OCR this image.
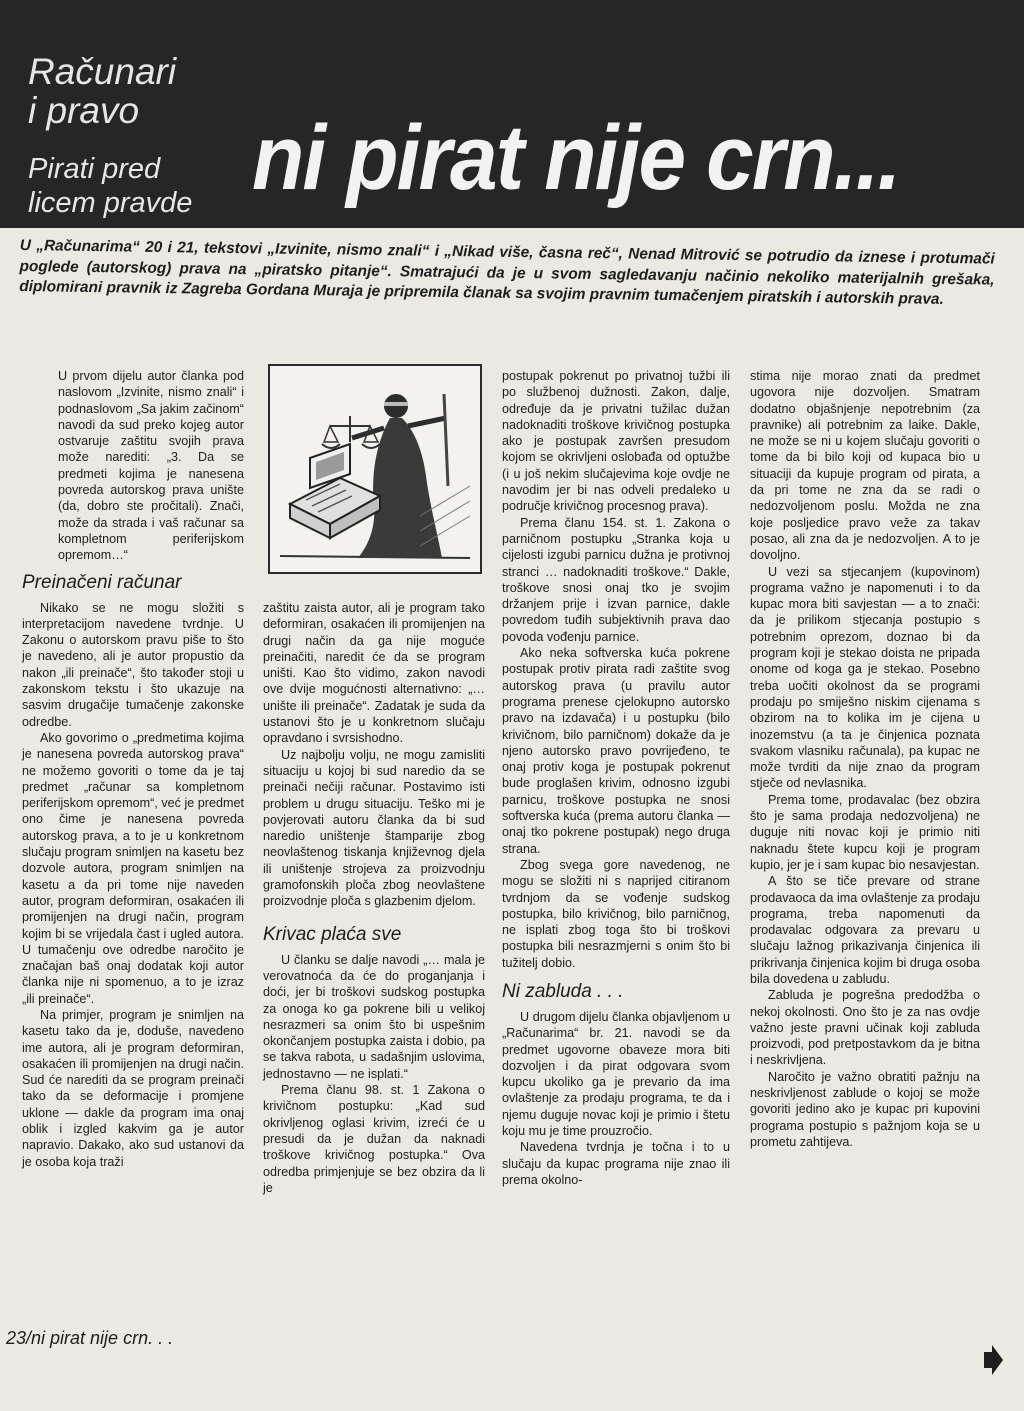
Računari
i pravo
Pirati pred
licem pravde ni pirat nije crn...
U „Računarima“ 20 i 21, tekstovi „Izvinite, nismo znali“ i „Nikad više, časna reč“, Nenad Mitrović se potrudio da iznese i protumači poglede (autorskog) prava na „piratsko pitanje“. Smatrajući da je u svom sagledavanju načinio nekoliko materijalnih grešaka, diplomirani pravnik iz Zagreba Gordana Muraja je pripremila članak sa svojim pravnim tumačenjem piratskih i autorskih prava.

U prvom dijelu autor članka pod naslovom „Izvinite, nismo znali“ i podnaslovom „Sa jakim začinom“ navodi da sud preko kojeg autor ostvaruje zaštitu svojih prava može narediti: „3. Da se predmeti kojima je nanesena povreda autorskog prava unište (da, dobro ste pročitali). Znači, može da strada i vaš računar sa kompletnom periferijskom opremom…“

Preinačeni računar

Nikako se ne mogu složiti s interpretacijom navedene tvrdnje. U Zakonu o autorskom pravu piše to što je navedeno, ali je autor propustio da nakon „ili preinače“, što također stoji u zakonskom tekstu i što ukazuje na sasvim drugačije tumačenje zakonske odredbe.

Ako govorimo o „predmetima kojima je nanesena povreda autorskog prava“ ne možemo govoriti o tome da je taj predmet „računar sa kompletnom periferijskom opremom“, već je predmet ono čime je nanesena povreda autorskog prava, a to je u konkretnom slučaju program snimljen na kasetu bez dozvole autora, program snimljen na kasetu a da pri tome nije naveden autor, program deformiran, osakaćen ili promijenjen na drugi način, program kojim bi se vrijedala čast i ugled autora. U tumačenju ove odredbe naročito je značajan baš onaj dodatak koji autor članka nije ni spomenuo, a to je izraz „ili preinače“.

Na primjer, program je snimljen na kasetu tako da je, doduše, navedeno ime autora, ali je program deformiran, osakaćen ili promijenjen na drugi način. Sud će narediti da se program preinači tako da se deformacije i promjene uklone — dakle da program ima onaj oblik i izgled kakvim ga je autor napravio. Dakako, ako sud ustanovi da je osoba koja traži

zaštitu zaista autor, ali je program tako deformiran, osakaćen ili promijenjen na drugi način da ga nije moguće preinačiti, naredit će da se program uništi. Kao što vidimo, zakon navodi ove dvije mogućnosti alternativno: „… unište ili preinače“. Zadatak je suda da ustanovi što je u konkretnom slučaju opravdano i svrsishodno.

Uz najbolju volju, ne mogu zamisliti situaciju u kojoj bi sud naredio da se preinači nečiji računar. Postavimo isti problem u drugu situaciju. Teško mi je povjerovati autoru članka da bi sud naredio uništenje štamparije zbog neovlaštenog tiskanja književnog djela ili uništenje strojeva za proizvodnju gramofonskih ploča zbog neovlaštene proizvodnje ploča s glazbenim djelom.

Krivac plaća sve

U članku se dalje navodi „… mala je verovatnoća da će do proganjanja i doći, jer bi troškovi sudskog postupka za onoga ko ga pokrene bili u velikoj nesrazmeri sa onim što bi uspešnim okončanjem postupka zaista i dobio, pa se takva rabota, u sadašnjim uslovima, jednostavno — ne isplati.“

Prema članu 98. st. 1 Zakona o krivičnom postupku: „Kad sud okrivljenog oglasi krivim, izreći će u presudi da je dužan da naknadi troškove krivičnog postupka.“ Ova odredba primjenjuje se bez obzira da li je

postupak pokrenut po privatnoj tužbi ili po službenoj dužnosti. Zakon, dalje, određuje da je privatni tužilac dužan nadoknaditi troškove krivičnog postupka ako je postupak završen presudom kojom se okrivljeni oslobađa od optužbe (i u još nekim slučajevima koje ovdje ne navodim jer bi nas odveli predaleko u područje krivičnog procesnog prava).

Prema članu 154. st. 1. Zakona o parničnom postupku „Stranka koja u cijelosti izgubi parnicu dužna je protivnoj stranci … nadoknaditi troškove.“ Dakle, troškove snosi onaj tko je svojim držanjem prije i izvan parnice, dakle povredom tuđih subjektivnih prava dao povoda vođenju parnice.

Ako neka softverska kuća pokrene postupak protiv pirata radi zaštite svog autorskog prava (u pravilu autor programa prenese cjelokupno autorsko pravo na izdavača) i u postupku (bilo krivičnom, bilo parničnom) dokaže da je njeno autorsko pravo povrijeđeno, te onaj protiv koga je postupak pokrenut bude proglašen krivim, odnosno izgubi parnicu, troškove postupka ne snosi softverska kuća (prema autoru članka — onaj tko pokrene postupak) nego druga strana.

Zbog svega gore navedenog, ne mogu se složiti ni s naprijed citiranom tvrdnjom da se vođenje sudskog postupka, bilo krivičnog, bilo parničnog, ne isplati zbog toga što bi troškovi postupka bili nesrazmjerni s onim što bi tužitelj dobio.

Ni zabluda . . .

U drugom dijelu članka objavljenom u „Računarima“ br. 21. navodi se da predmet ugovorne obaveze mora biti dozvoljen i da pirat odgovara svom kupcu ukoliko ga je prevario da ima ovlaštenje za prodaju programa, te da i njemu duguje novac koji je primio i štetu koju mu je time prouzročio.

Navedena tvrdnja je točna i to u slučaju da kupac programa nije znao ili prema okolno-

stima nije morao znati da predmet ugovora nije dozvoljen. Smatram dodatno objašnjenje nepotrebnim (za pravnike) ali potrebnim za laike. Dakle, ne može se ni u kojem slučaju govoriti o tome da bi bilo koji od kupaca bio u situaciji da kupuje program od pirata, a da pri tome ne zna da se radi o nedozvoljenom poslu. Možda ne zna koje posljedice pravo veže za takav posao, ali zna da je nedozvoljen. A to je dovoljno.

U vezi sa stjecanjem (kupovinom) programa važno je napomenuti i to da kupac mora biti savjestan — a to znači: da je prilikom stjecanja postupio s potrebnim oprezom, doznao bi da program koji je stekao doista ne pripada onome od koga ga je stekao. Posebno treba uočiti okolnost da se programi prodaju po smiješno niskim cijenama s obzirom na to kolika im je cijena u inozemstvu (a ta je činjenica poznata svakom vlasniku računala), pa kupac ne može tvrditi da nije znao da program stječe od nevlasnika.

Prema tome, prodavalac (bez obzira što je sama prodaja nedozvoljena) ne duguje niti novac koji je primio niti naknadu štete kupcu koji je program kupio, jer je i sam kupac bio nesavjestan.

A što se tiče prevare od strane prodavaoca da ima ovlaštenje za prodaju programa, treba napomenuti da prodavalac odgovara za prevaru u slučaju lažnog prikazivanja činjenica ili prikrivanja činjenica kojim bi druga osoba bila dovedena u zabludu.

Zabluda je pogrešna predodžba o nekoj okolnosti. Ono što je za nas ovdje važno jeste pravni učinak koji zabluda proizvodi, pod pretpostavkom da je bitna i neskrivljena.

Naročito je važno obratiti pažnju na neskrivljenost zablude o kojoj se može govoriti jedino ako je kupac pri kupovini programa postupio s pažnjom koja se u prometu zahtijeva.

23/ni pirat nije crn. . .
